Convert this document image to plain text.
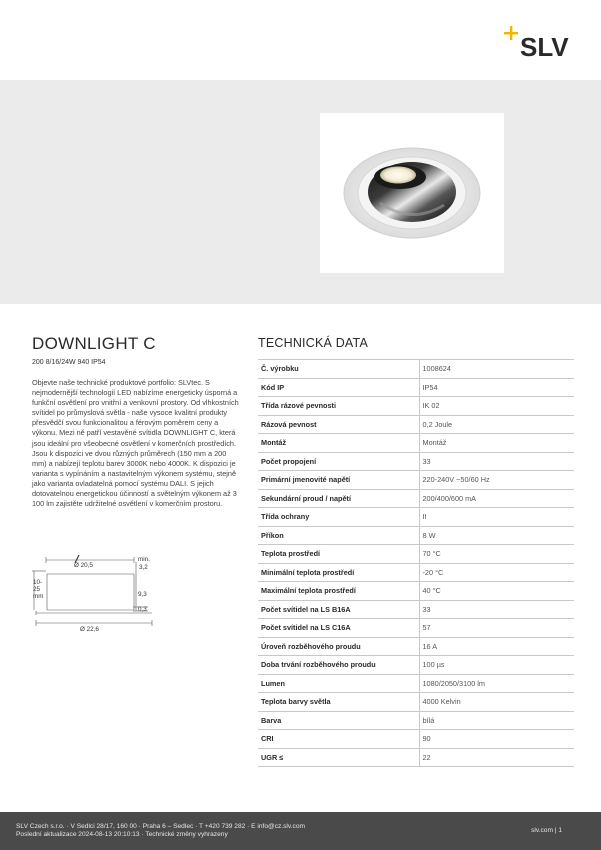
SLV
DOWNLIGHT C
200 8/16/24W 940 IP54
Objevte naše technické produktové portfolio: SLVtec. S nejmodernější technologií LED nabízíme energeticky úsporná a funkční osvětlení pro vnitřní a venkovní prostory. Od vlhkostních svítidel po průmyslová světla - naše vysoce kvalitní produkty přesvědčí svou funkcionalitou a férovým poměrem ceny a výkonu. Mezi ně patří vestavěné svítidla DOWNLIGHT C, která jsou ideální pro všeobecné osvětlení v komerčních prostředích. Jsou k dispozici ve dvou různých průměrech (150 mm a 200 mm) a nabízejí teplotu barev 3000K nebo 4000K. K dispozici je varianta s vypínáním a nastavitelným výkonem systému, stejně jako varianta ovladatelná pomocí systému DALI. S jejich dotovatelnou energetickou účinností a světelným výkonem až 3 100 lm zajistěte udržitelné osvětlení v komerčním prostoru.
Ø 20,5
min.
3,2
10-
25
mm	9,3
0,3
Ø 22,6
TECHNICKÁ DATA
Č. výrobku	1008624
Kód IP	IP54
Třída rázové pevnosti	IK 02
Rázová pevnost	0,2 Joule
Montáž	Montáž
Počet propojení	33
Primární jmenovité napětí	220-240V ~50/60 Hz
Sekundární proud / napětí	200/400/600 mA
Třída ochrany	II
Příkon	8 W
Teplota prostředí	70 °C
Minimální teplota prostředí	-20 °C
Maximální teplota prostředí	40 °C
Počet svítidel na LS B16A	33
Počet svítidel na LS C16A	57
Úroveň rozběhového proudu	16 A
Doba trvání rozběhového proudu	100 µs
Lumen	1080/2050/3100 lm
Teplota barvy světla	4000 Kelvin
Barva	bílá
CRI	90
UGR ≤	22
SLV Czech s.r.o. · V Sedlci 28/17, 160 00 · Praha 6 – Sedlec · T +420 739 282 · E info@cz.slv.com
Poslední aktualizace 2024-08-13 20:10:13 · Technické změny vyhrazeny
slv.com | 1
